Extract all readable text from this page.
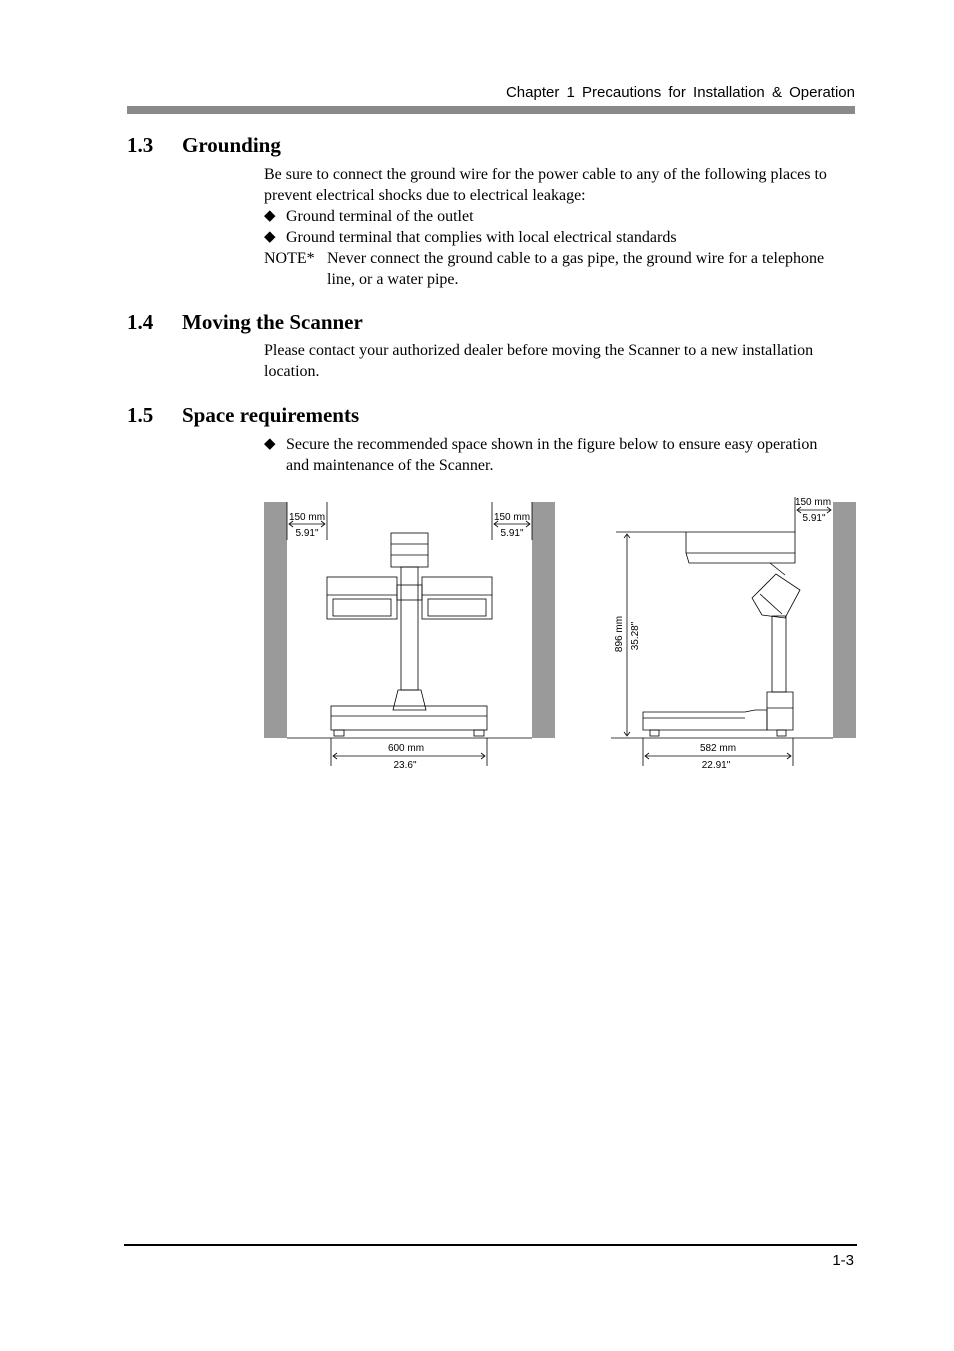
Chapter 1 Precautions for Installation & Operation
1.3 Grounding
Be sure to connect the ground wire for the power cable to any of the following places to prevent electrical shocks due to electrical leakage:
◆ Ground terminal of the outlet
◆ Ground terminal that complies with local electrical standards
NOTE* Never connect the ground cable to a gas pipe, the ground wire for a telephone line, or a water pipe.
1.4 Moving the Scanner
Please contact your authorized dealer before moving the Scanner to a new installation location.
1.5 Space requirements
◆ Secure the recommended space shown in the figure below to ensure easy operation and maintenance of the Scanner.
150 mm
5.91"
150 mm
5.91"
600 mm
23.6"
150 mm
5.91"
896 mm 35.28"
582 mm
22.91"
1-3
